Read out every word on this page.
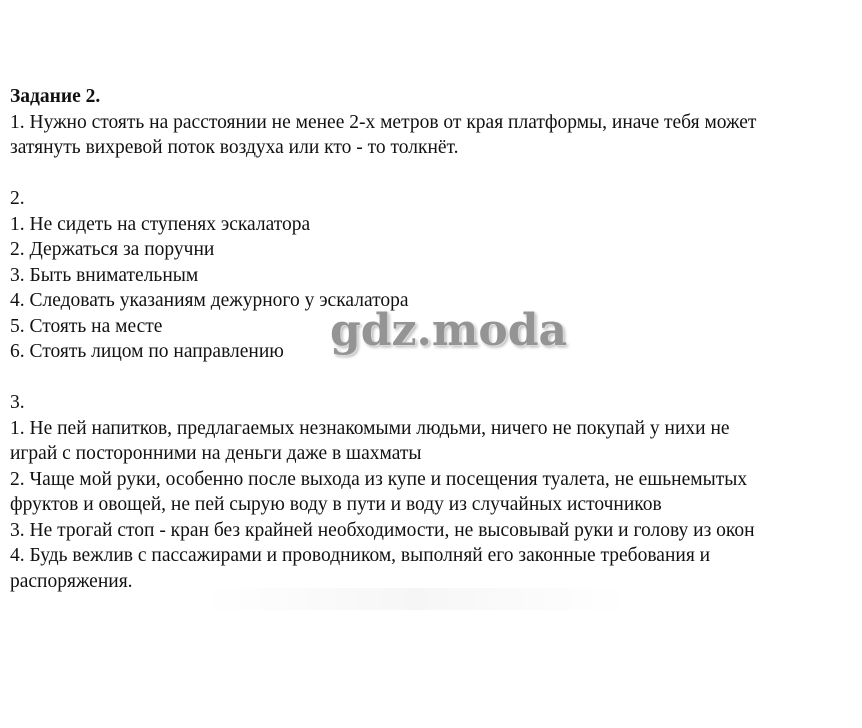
Задание 2.
1. Нужно стоять на расстоянии не менее 2-х метров от края платформы, иначе тебя может
затянуть вихревой поток воздуха или кто - то толкнёт.
2.
1. Не сидеть на ступенях эскалатора
2. Держаться за поручни
3. Быть внимательным
4. Следовать указаниям дежурного у эскалатора
5. Стоять на месте
6. Стоять лицом по направлению
3.
1. Не пей напитков, предлагаемых незнакомыми людьми, ничего не покупай у нихи не
играй с посторонними на деньги даже в шахматы
2. Чаще мой руки, особенно после выхода из купе и посещения туалета, не ешьнемытых
фруктов и овощей, не пей сырую воду в пути и воду из случайных источников
3. Не трогай стоп - кран без крайней необходимости, не высовывай руки и голову из окон
4. Будь вежлив с пассажирами и проводником, выполняй его законные требования и
распоряжения.
gdz.moda
